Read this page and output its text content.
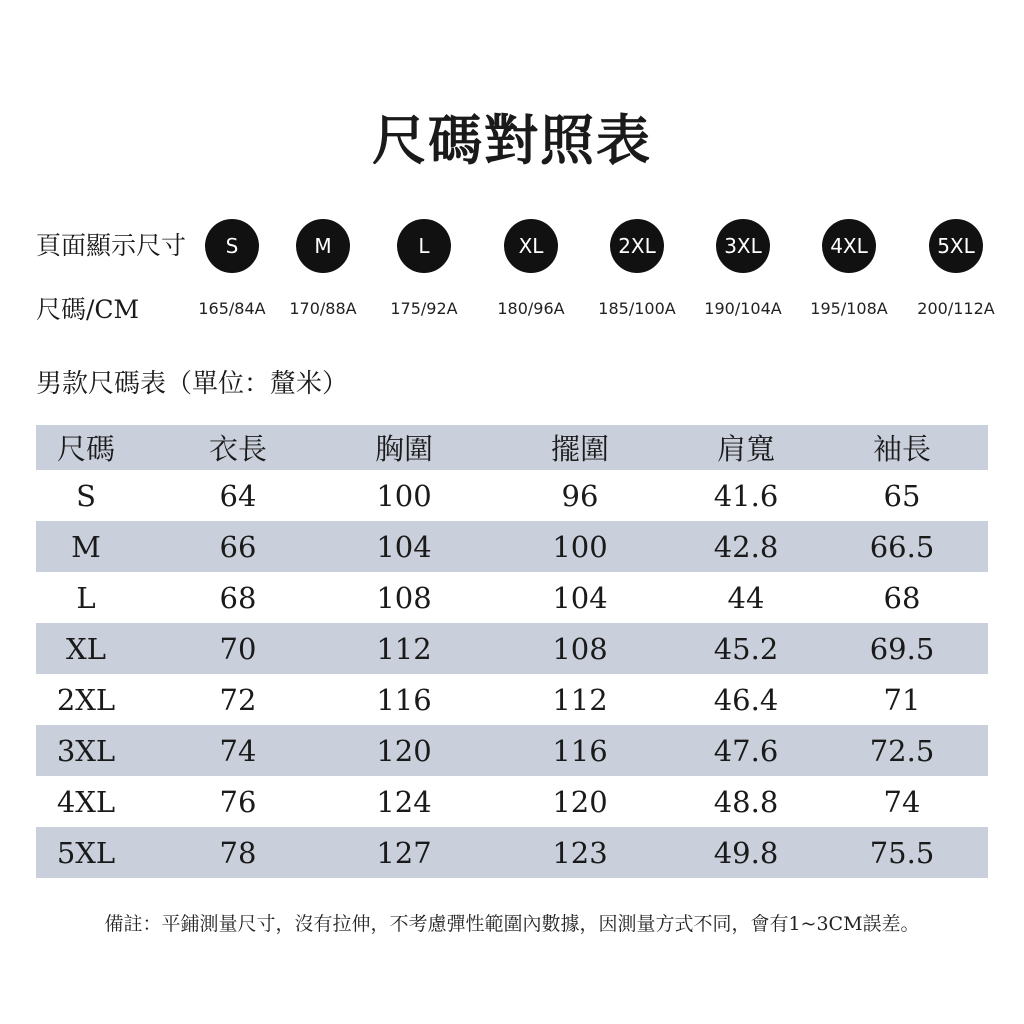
尺碼對照表
頁面顯示尺寸	S	M	L	XL	2XL	3XL	4XL	5XL
尺碼/CM	165/84A	170/88A	175/92A	180/96A	185/100A	190/104A	195/108A	200/112A
男款尺碼表（單位：釐米）
尺碼	衣長	胸圍	擺圍	肩寬	袖長
S	64	100	96	41.6	65
M	66	104	100	42.8	66.5
L	68	108	104	44	68
XL	70	112	108	45.2	69.5
2XL	72	116	112	46.4	71
3XL	74	120	116	47.6	72.5
4XL	76	124	120	48.8	74
5XL	78	127	123	49.8	75.5
備註：平鋪測量尺寸，沒有拉伸，不考慮彈性範圍內數據，因測量方式不同，會有1~3CM誤差。
